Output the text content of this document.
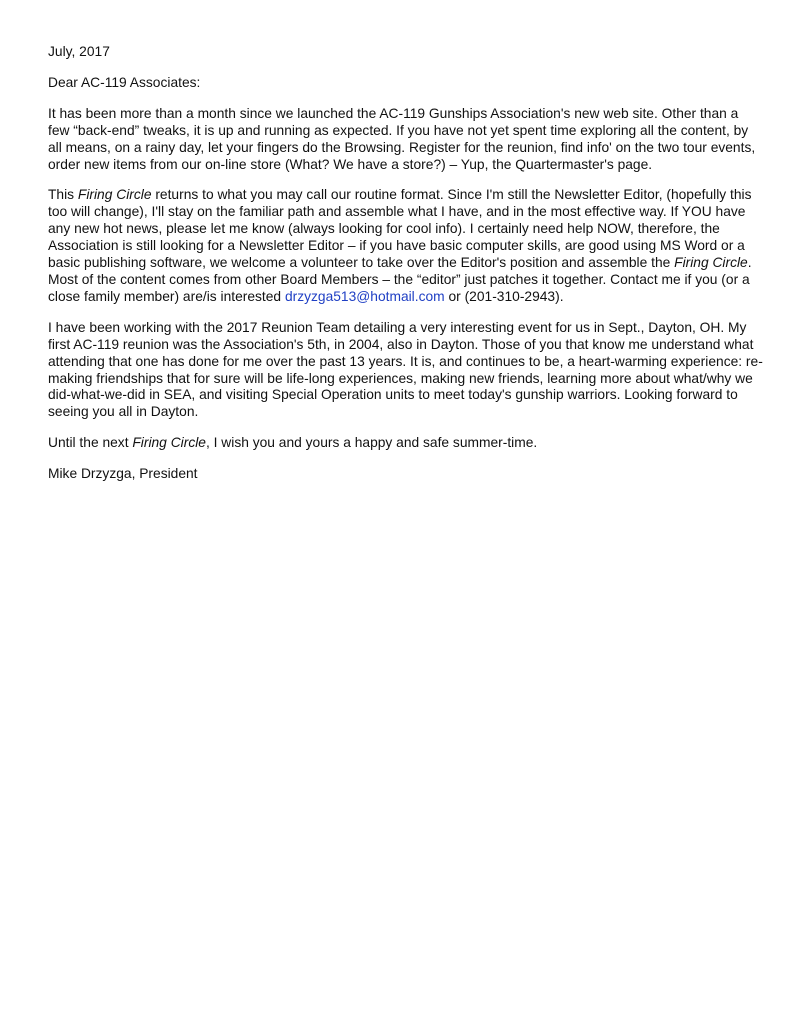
July, 2017

Dear AC-119 Associates:

It has been more than a month since we launched the AC-119 Gunships Association's new web site. Other than a few “back-end” tweaks, it is up and running as expected. If you have not yet spent time exploring all the content, by all means, on a rainy day, let your fingers do the Browsing. Register for the reunion, find info' on the two tour events, order new items from our on-line store (What? We have a store?) – Yup, the Quartermaster's page.

This Firing Circle returns to what you may call our routine format. Since I'm still the Newsletter Editor, (hopefully this too will change), I'll stay on the familiar path and assemble what I have, and in the most effective way. If YOU have any new hot news, please let me know (always looking for cool info). I certainly need help NOW, therefore, the Association is still looking for a Newsletter Editor – if you have basic computer skills, are good using MS Word or a basic publishing software, we welcome a volunteer to take over the Editor's position and assemble the Firing Circle. Most of the content comes from other Board Members – the “editor” just patches it together. Contact me if you (or a close family member) are/is interested drzyzga513@hotmail.com or (201-310-2943).

I have been working with the 2017 Reunion Team detailing a very interesting event for us in Sept., Dayton, OH. My first AC-119 reunion was the Association's 5th, in 2004, also in Dayton. Those of you that know me understand what attending that one has done for me over the past 13 years. It is, and continues to be, a heart-warming experience: re-making friendships that for sure will be life-long experiences, making new friends, learning more about what/why we did-what-we-did in SEA, and visiting Special Operation units to meet today's gunship warriors. Looking forward to seeing you all in Dayton.

Until the next Firing Circle, I wish you and yours a happy and safe summer-time.

Mike Drzyzga, President
